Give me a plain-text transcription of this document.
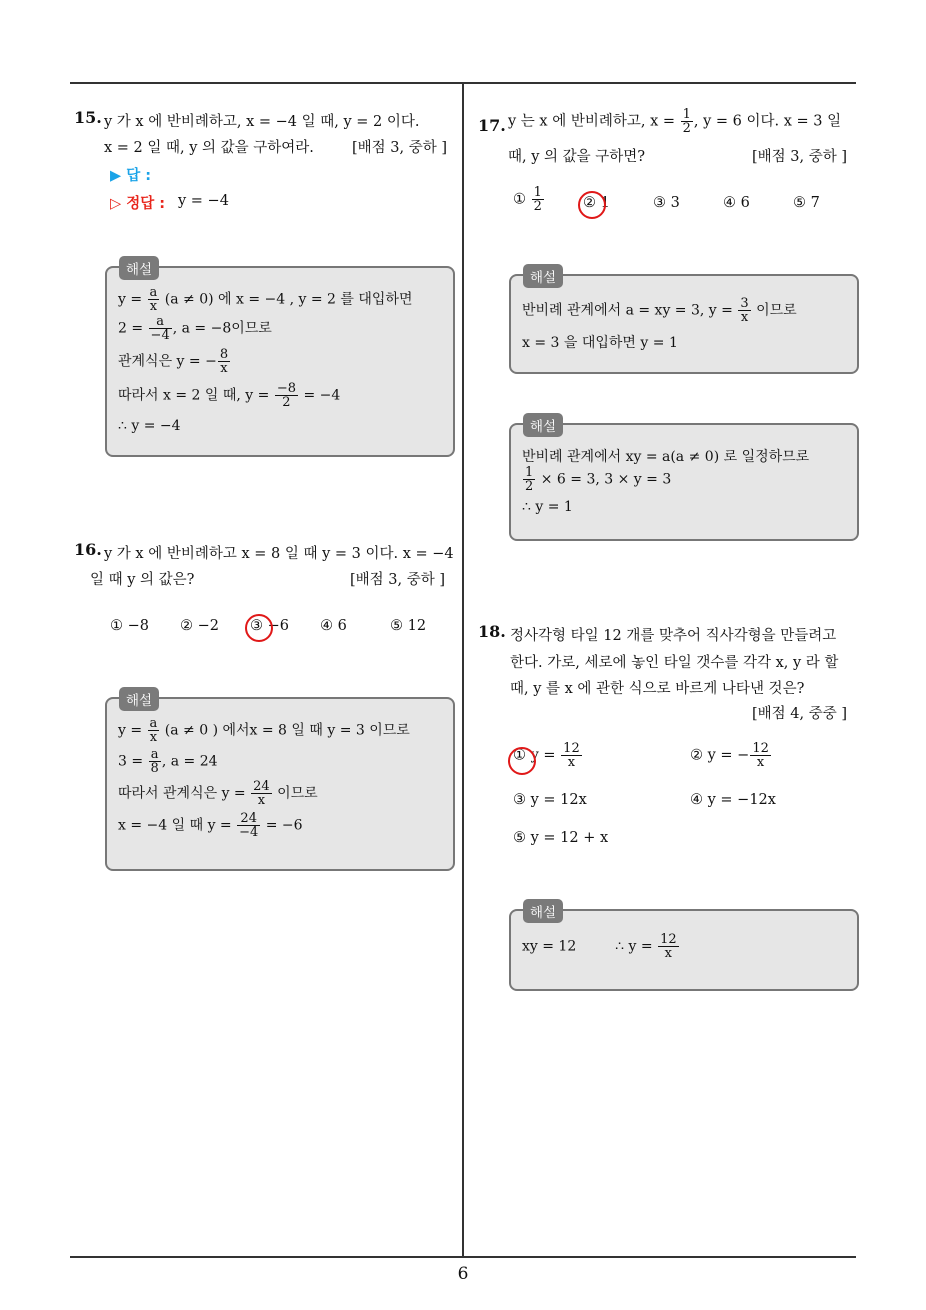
6
15. y 가 x 에 반비례하고, x = −4 일 때, y = 2 이다.
x = 2 일 때, y 의 값을 구하여라.	[배점 3, 중하 ]
▶ 답 :
▷ 정답 : y = −4
해설
$y = \frac{a}{x} (a \ne 0)$ 에 x = −4 , y = 2 를 대입하면
$2 = \frac{a}{-4}$ , a = −8이므로
관계식은 y = − $\frac{8}{x}$
따라서 x = 2 일 때, $y = \frac{-8}{2} = -4$
∴ y = −4
16. y 가 x 에 반비례하고 x = 8 일 때 y = 3 이다. x = −4
일 때 y 의 값은?	[배점 3, 중하 ]
① −8 ② −2 ③ −6 ④ 6	⑤ 12
해설
$y = \frac{a}{x} (a \ne 0$ ) 에서x = 8 일 때 y = 3 이므로
$3 = \frac{a}{8}$ , a = 24
따라서 관계식은 $y = \frac{24}{x}$ 이므로
x = −4 일 때 $y = \frac{24}{-4} = -6$
17. y 는 x 에 반비례하고, $x = \frac{1}{2}$ , y = 6 이다. x = 3 일
때, y 의 값을 구하면?	[배점 3, 중하 ]
① $\frac{1}{2}$	② 1	③ 3	④ 6	⑤ 7
해설
반비례 관계에서 a = xy = 3, $y = \frac{3}{x}$ 이므로
x = 3 을 대입하면 y = 1
해설
반비례 관계에서 xy = a(a ≠ 0) 로 일정하므로
$\frac{1}{2} \times 6 = 3$, 3 × y = 3
∴ y = 1
18. 정사각형 타일 12 개를 맞추어 직사각형을 만들려고
한다. 가로, 세로에 놓인 타일 갯수를 각각 x, y 라 할
때, y 를 x 에 관한 식으로 바르게 나타낸 것은?
[배점 4, 중중 ]
① $y = \frac{12}{x}$	② y = − $\frac{12}{x}$
③ y = 12x	④ y = −12x
⑤ y = 12 + x
해설
xy = 12	∴ $y = \frac{12}{x}$
